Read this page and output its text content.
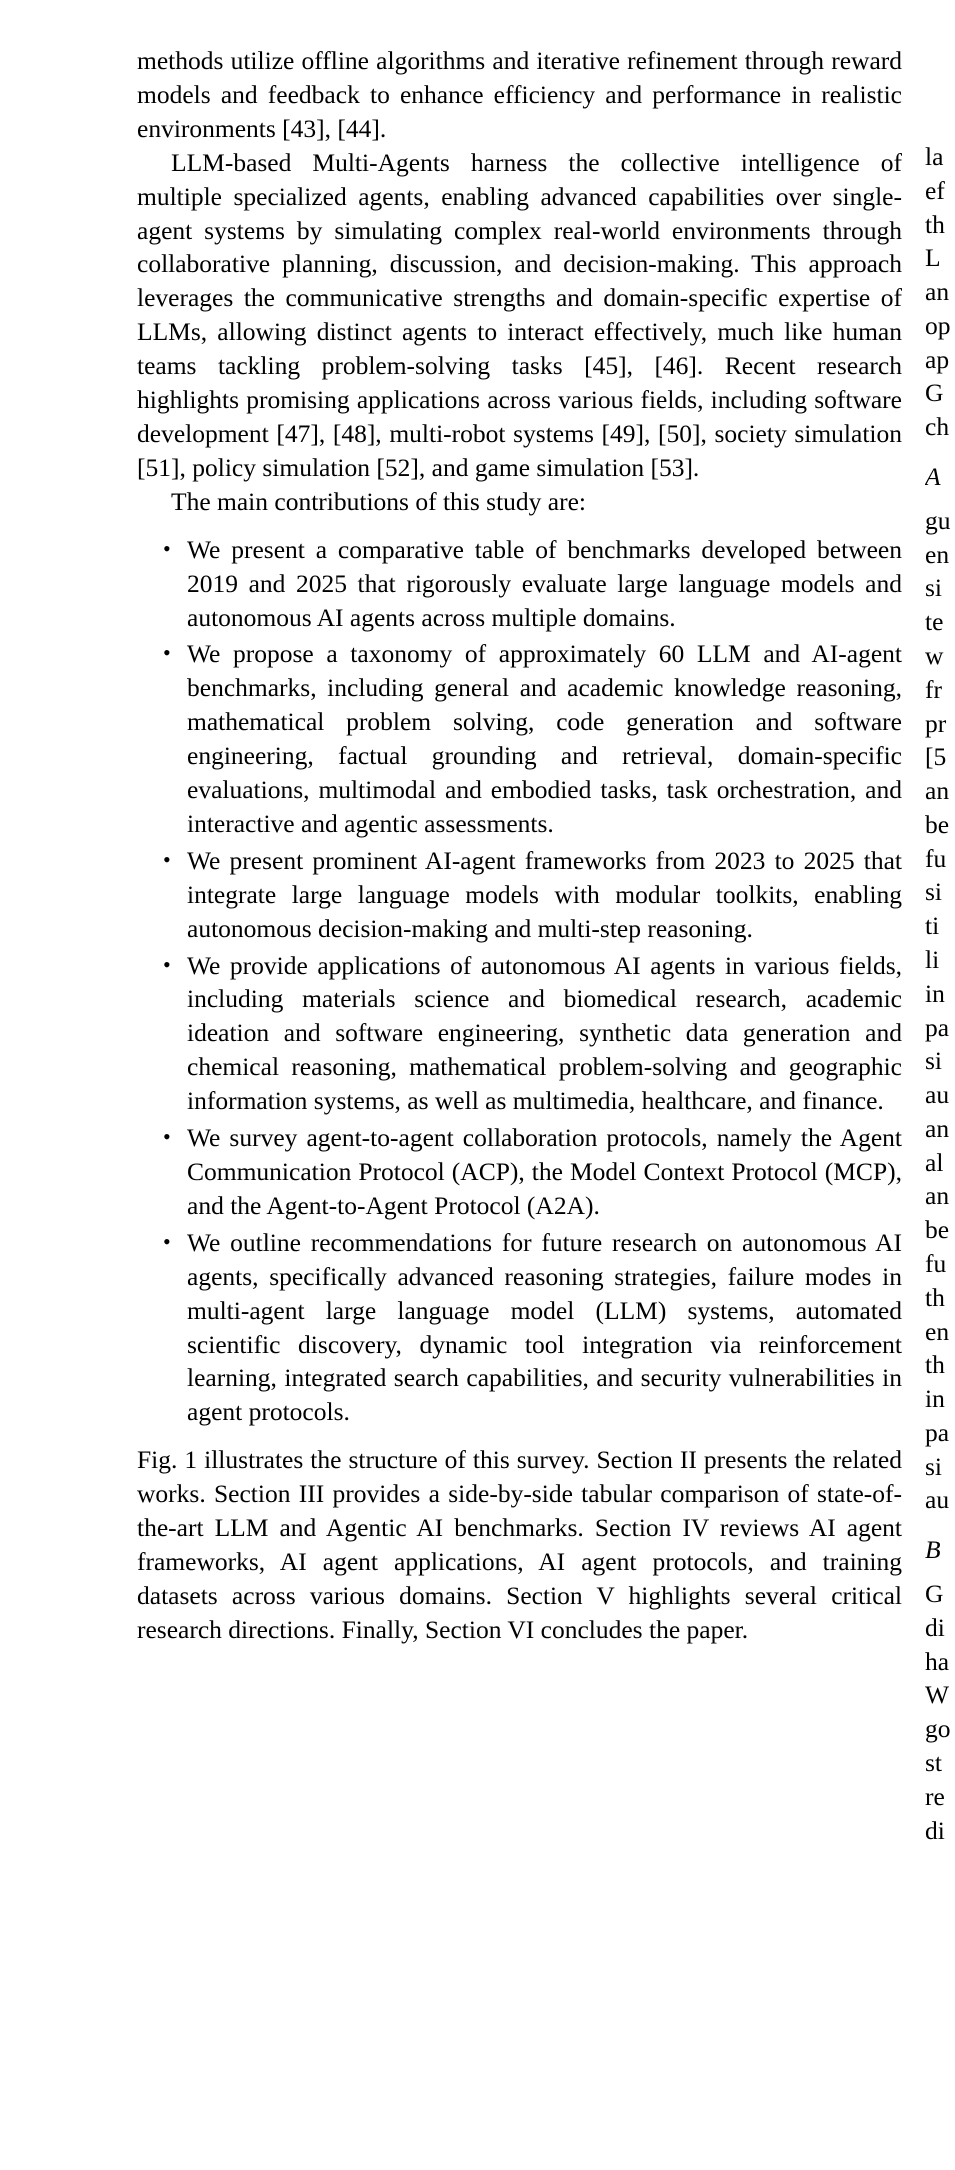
methods utilize offline algorithms and iterative refinement through reward models and feedback to enhance efficiency and performance in realistic environments [43], [44].

LLM-based Multi-Agents harness the collective intelligence of multiple specialized agents, enabling advanced capabilities over single-agent systems by simulating complex real-world environments through collaborative planning, discussion, and decision-making. This approach leverages the communicative strengths and domain-specific expertise of LLMs, allowing distinct agents to interact effectively, much like human teams tackling problem-solving tasks [45], [46]. Recent research highlights promising applications across various fields, including software development [47], [48], multi-robot systems [49], [50], society simulation [51], policy simulation [52], and game simulation [53].

The main contributions of this study are:

• We present a comparative table of benchmarks developed between 2019 and 2025 that rigorously evaluate large language models and autonomous AI agents across multiple domains.
• We propose a taxonomy of approximately 60 LLM and AI-agent benchmarks, including general and academic knowledge reasoning, mathematical problem solving, code generation and software engineering, factual grounding and retrieval, domain-specific evaluations, multimodal and embodied tasks, task orchestration, and interactive and agentic assessments.
• We present prominent AI-agent frameworks from 2023 to 2025 that integrate large language models with modular toolkits, enabling autonomous decision-making and multi-step reasoning.
• We provide applications of autonomous AI agents in various fields, including materials science and biomedical research, academic ideation and software engineering, synthetic data generation and chemical reasoning, mathematical problem-solving and geographic information systems, as well as multimedia, healthcare, and finance.
• We survey agent-to-agent collaboration protocols, namely the Agent Communication Protocol (ACP), the Model Context Protocol (MCP), and the Agent-to-Agent Protocol (A2A).
• We outline recommendations for future research on autonomous AI agents, specifically advanced reasoning strategies, failure modes in multi-agent large language model (LLM) systems, automated scientific discovery, dynamic tool integration via reinforcement learning, integrated search capabilities, and security vulnerabilities in agent protocols.

Fig. 1 illustrates the structure of this survey. Section II presents the related works. Section III provides a side-by-side tabular comparison of state-of-the-art LLM and Agentic AI benchmarks. Section IV reviews AI agent frameworks, AI agent applications, AI agent protocols, and training datasets across various domains. Section V highlights several critical research directions. Finally, Section VI concludes the paper.

la

ef

th

L

an

op

ap

G

ch

A

gu

en

si

te

w

fr

pr

[5

an

be

fu

si

ti

li

in

pa

si

au

an

al

an

be

fu

th

en

th

in

pa

si

au

B

G

di

ha

W

go

st

re

di
